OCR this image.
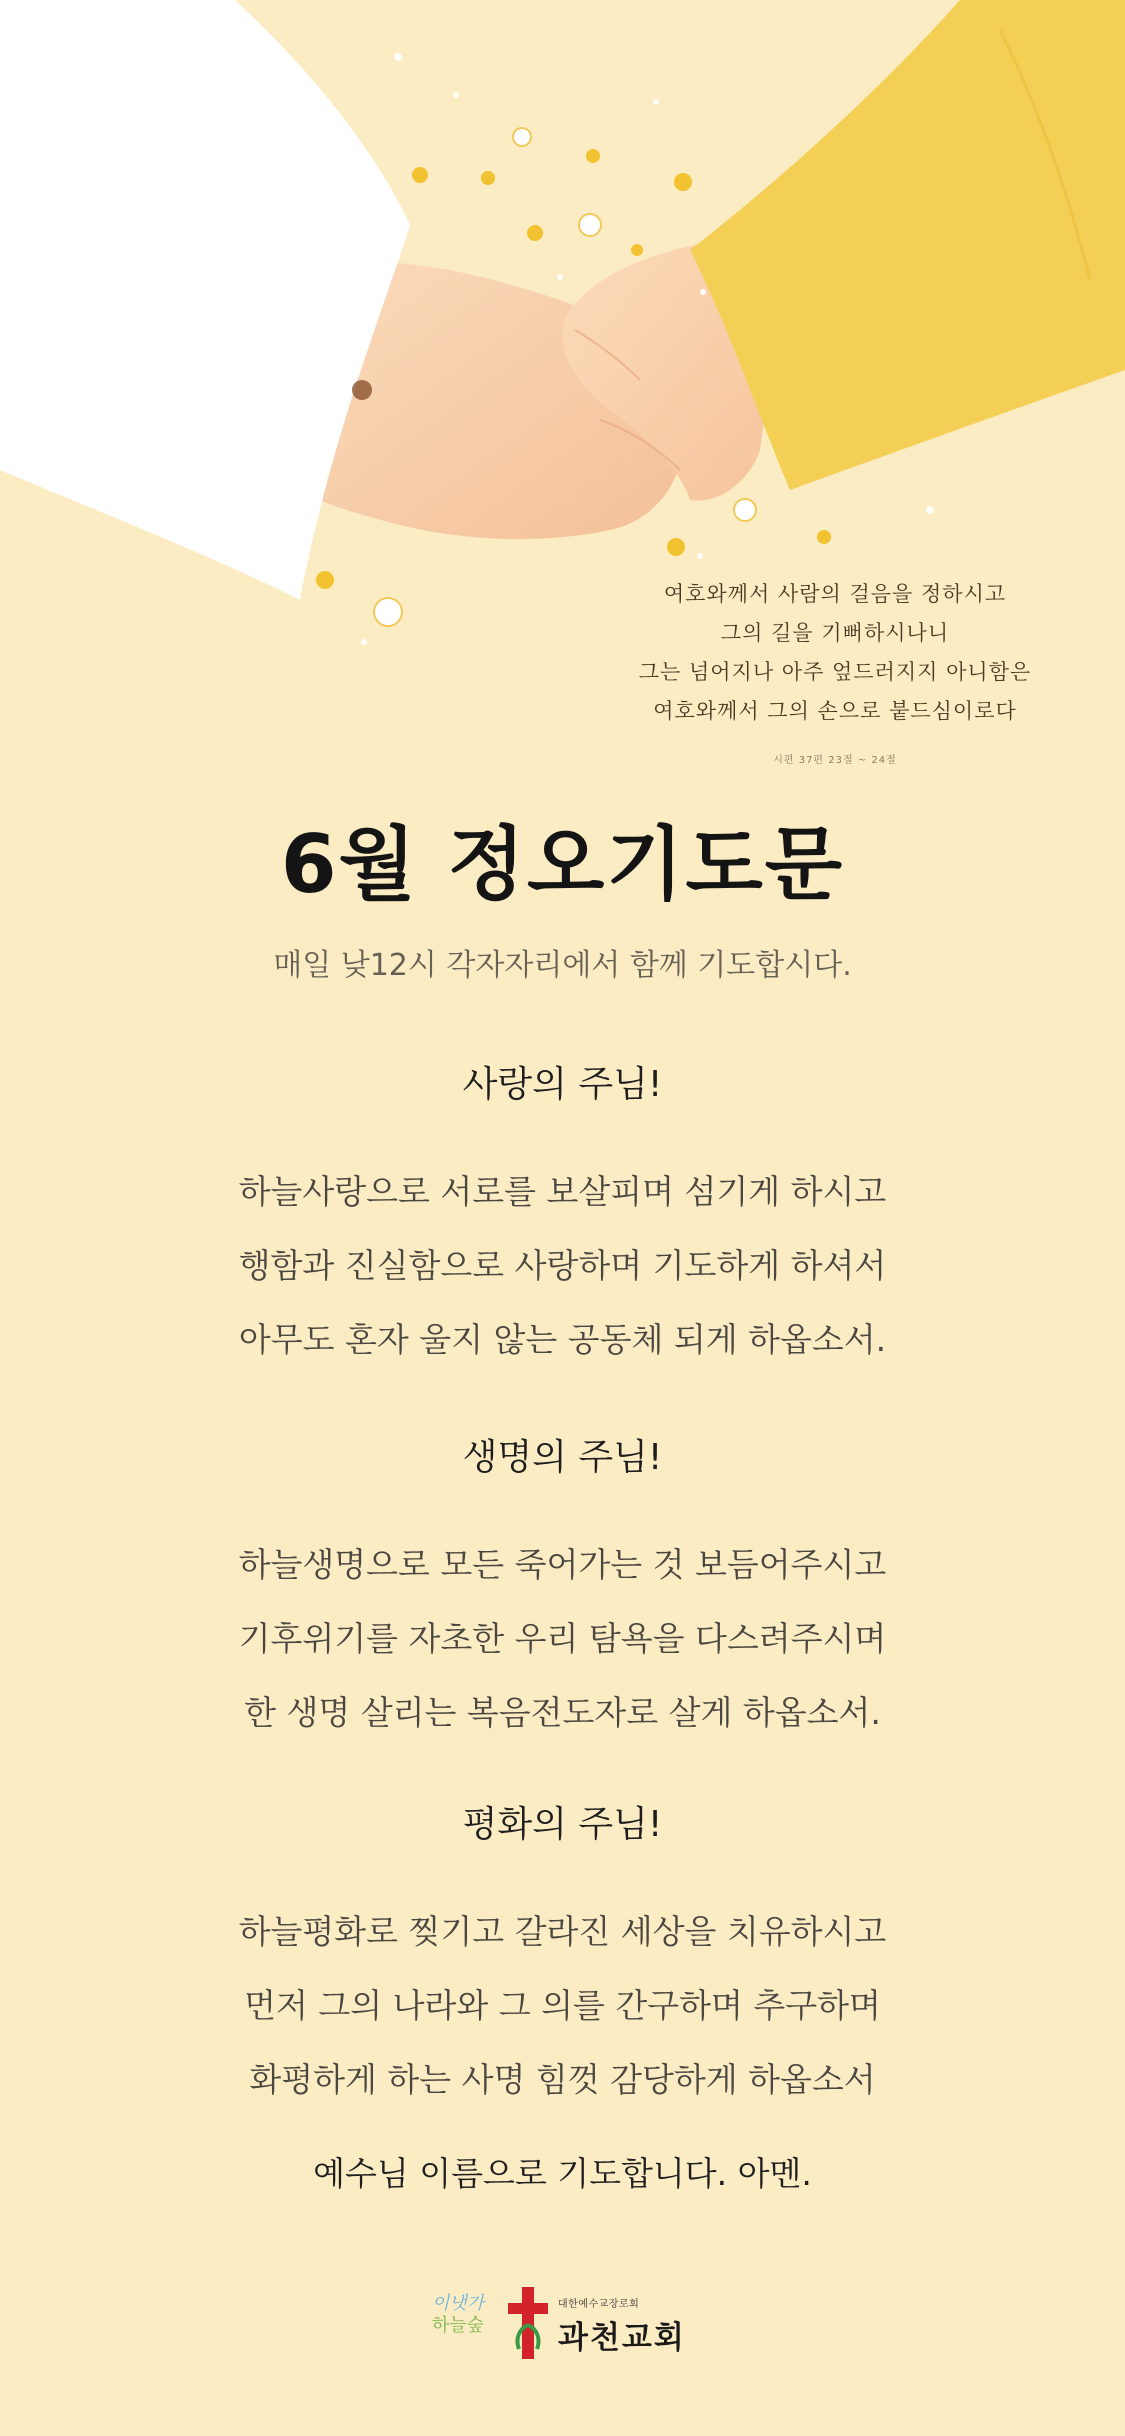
여호와께서 사람의 걸음을 정하시고
그의 길을 기뻐하시나니
그는 넘어지나 아주 엎드러지지 아니함은
여호와께서 그의 손으로 붙드심이로다
시편 37편 23절 ~ 24절
6월 정오기도문
매일 낮12시 각자자리에서 함께 기도합시다.
사랑의 주님!
하늘사랑으로 서로를 보살피며 섬기게 하시고
행함과 진실함으로 사랑하며 기도하게 하셔서
아무도 혼자 울지 않는 공동체 되게 하옵소서.
생명의 주님!
하늘생명으로 모든 죽어가는 것 보듬어주시고
기후위기를 자초한 우리 탐욕을 다스려주시며
한 생명 살리는 복음전도자로 살게 하옵소서.
평화의 주님!
하늘평화로 찢기고 갈라진 세상을 치유하시고
먼저 그의 나라와 그 의를 간구하며 추구하며
화평하게 하는 사명 힘껏 감당하게 하옵소서
예수님 이름으로 기도합니다. 아멘.
이냇가
하늘숲
대한예수교장로회
과천교회
